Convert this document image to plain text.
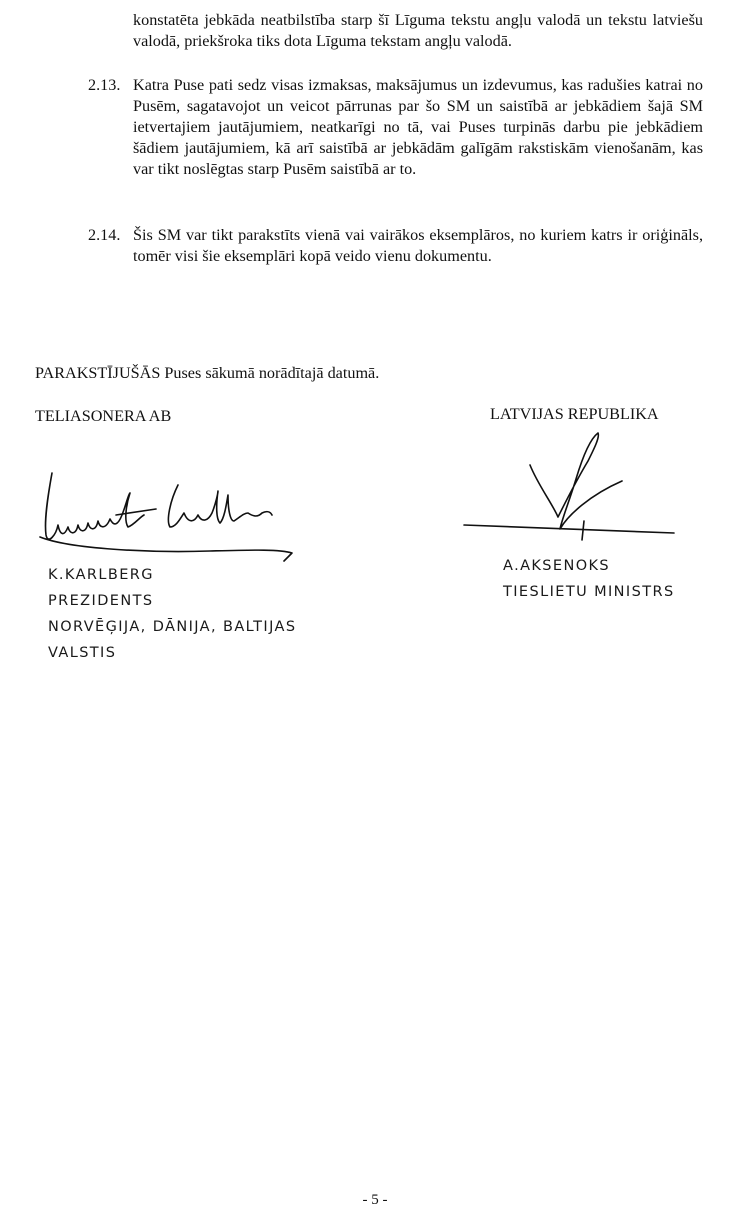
konstatēta jebkāda neatbilstība starp šī Līguma tekstu angļu valodā un tekstu latviešu valodā, priekšroka tiks dota Līguma tekstam angļu valodā.
2.13. Katra Puse pati sedz visas izmaksas, maksājumus un izdevumus, kas radušies katrai no Pusēm, sagatavojot un veicot pārrunas par šo SM un saistībā ar jebkādiem šajā SM ietvertajiem jautājumiem, neatkarīgi no tā, vai Puses turpinās darbu pie jebkādiem šādiem jautājumiem, kā arī saistībā ar jebkādām galīgām rakstiskām vienošanām, kas var tikt noslēgtas starp Pusēm saistībā ar to.
2.14. Šis SM var tikt parakstīts vienā vai vairākos eksemplāros, no kuriem katrs ir oriģināls, tomēr visi šie eksemplāri kopā veido vienu dokumentu.
PARAKSTĪJUŠĀS Puses sākumā norādītajā datumā.
TELIASONERA AB	LATVIJAS REPUBLIKA
K.KARLBERG
PREZIDENTS
NORVĒĢIJA, DĀNIJA, BALTIJAS
VALSTIS
A.AKSENOKS
TIESLIETU MINISTRS
- 5 -
